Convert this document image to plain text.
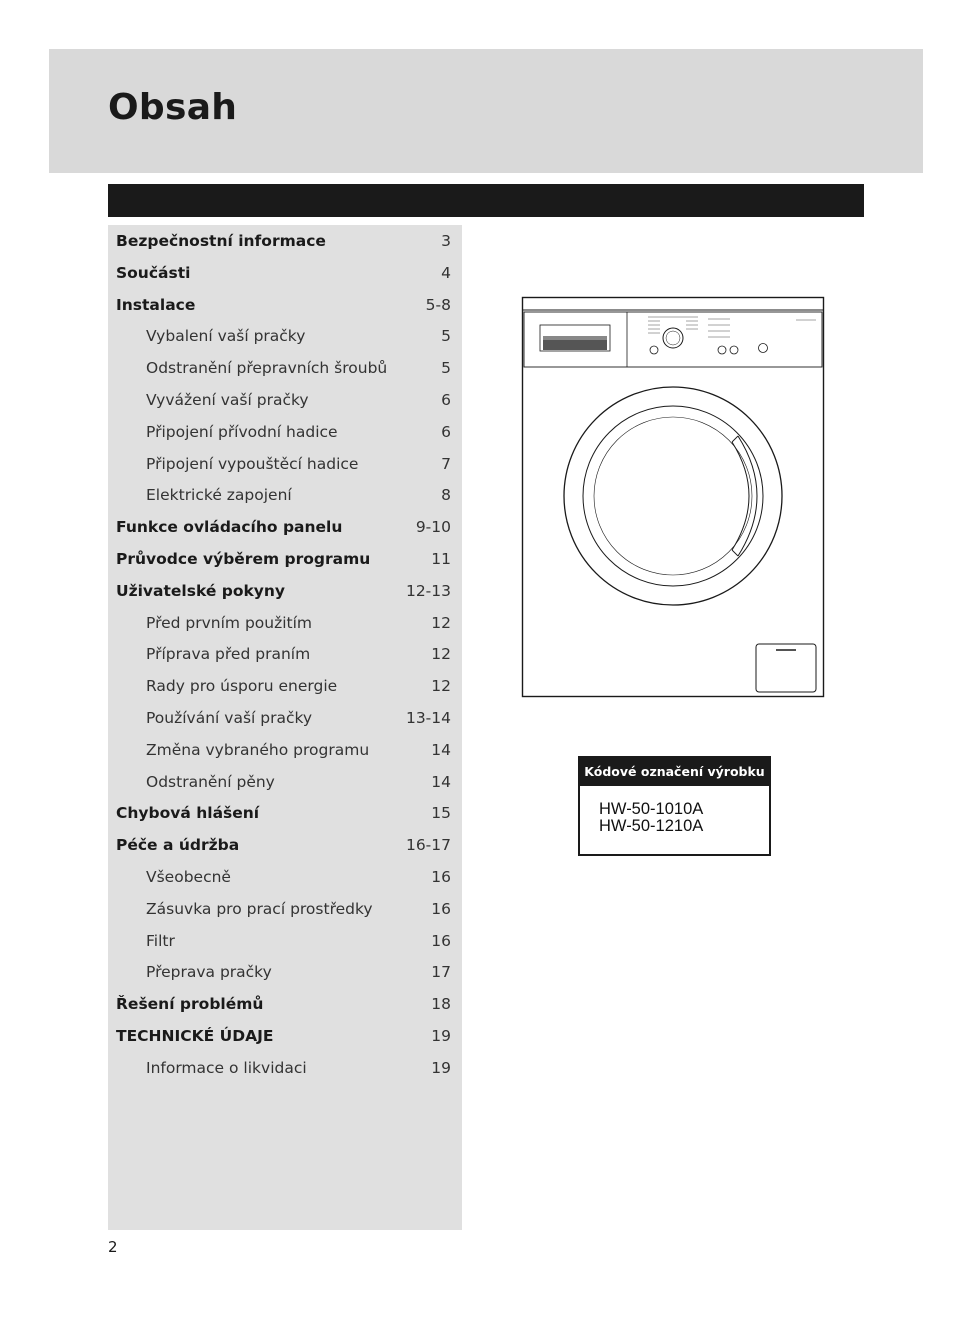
Obsah
Bezpečnostní informace	3
Součásti	4
Instalace	5-8
Vybalení vaší pračky	5
Odstranění přepravních šroubů	5
Vyvážení vaší pračky	6
Připojení přívodní hadice	6
Připojení vypouštěcí hadice	7
Elektrické zapojení	8
Funkce ovládacího panelu	9-10
Průvodce výběrem programu	11
Uživatelské pokyny	12-13
Před prvním použitím	12
Příprava před praním	12
Rady pro úsporu energie	12
Používání vaší pračky	13-14
Změna vybraného programu	14
Odstranění pěny	14
Chybová hlášení	15
Péče a údržba	16-17
Všeobecně	16
Zásuvka pro prací prostředky	16
Filtr	16
Přeprava pračky	17
Řešení problémů	18
TECHNICKÉ ÚDAJE	19
Informace o likvidaci	19
Kódové označení výrobku
HW-50-1010A
HW-50-1210A
2
